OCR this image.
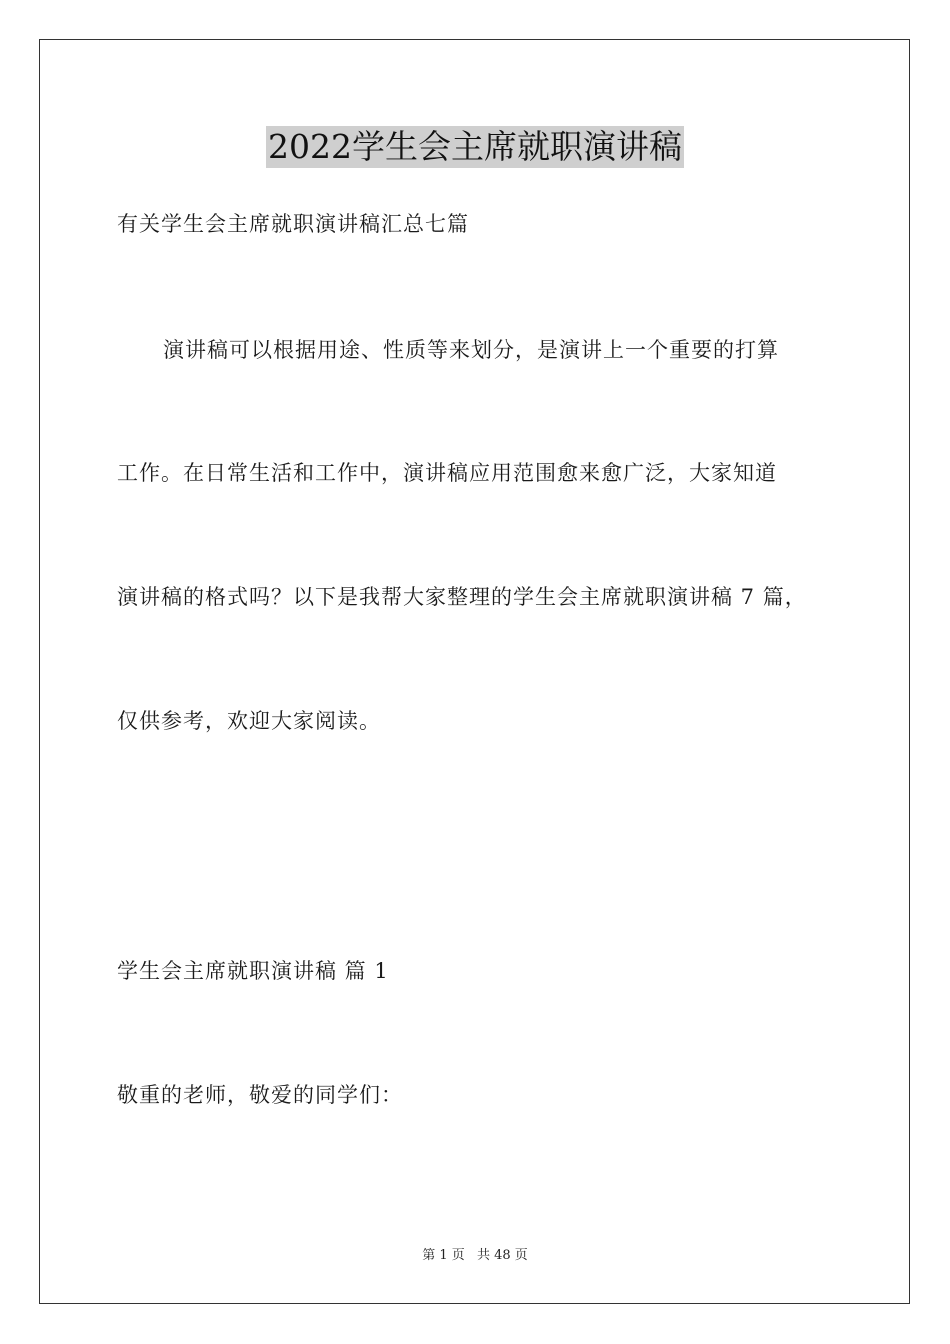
2022学生会主席就职演讲稿
有关学生会主席就职演讲稿汇总七篇
演讲稿可以根据用途、性质等来划分，是演讲上一个重要的打算
工作。在日常生活和工作中，演讲稿应用范围愈来愈广泛，大家知道
演讲稿的格式吗？以下是我帮大家整理的学生会主席就职演讲稿 7 篇，
仅供参考，欢迎大家阅读。
学生会主席就职演讲稿 篇 1
敬重的老师，敬爱的同学们：
第 1 页 共 48 页
